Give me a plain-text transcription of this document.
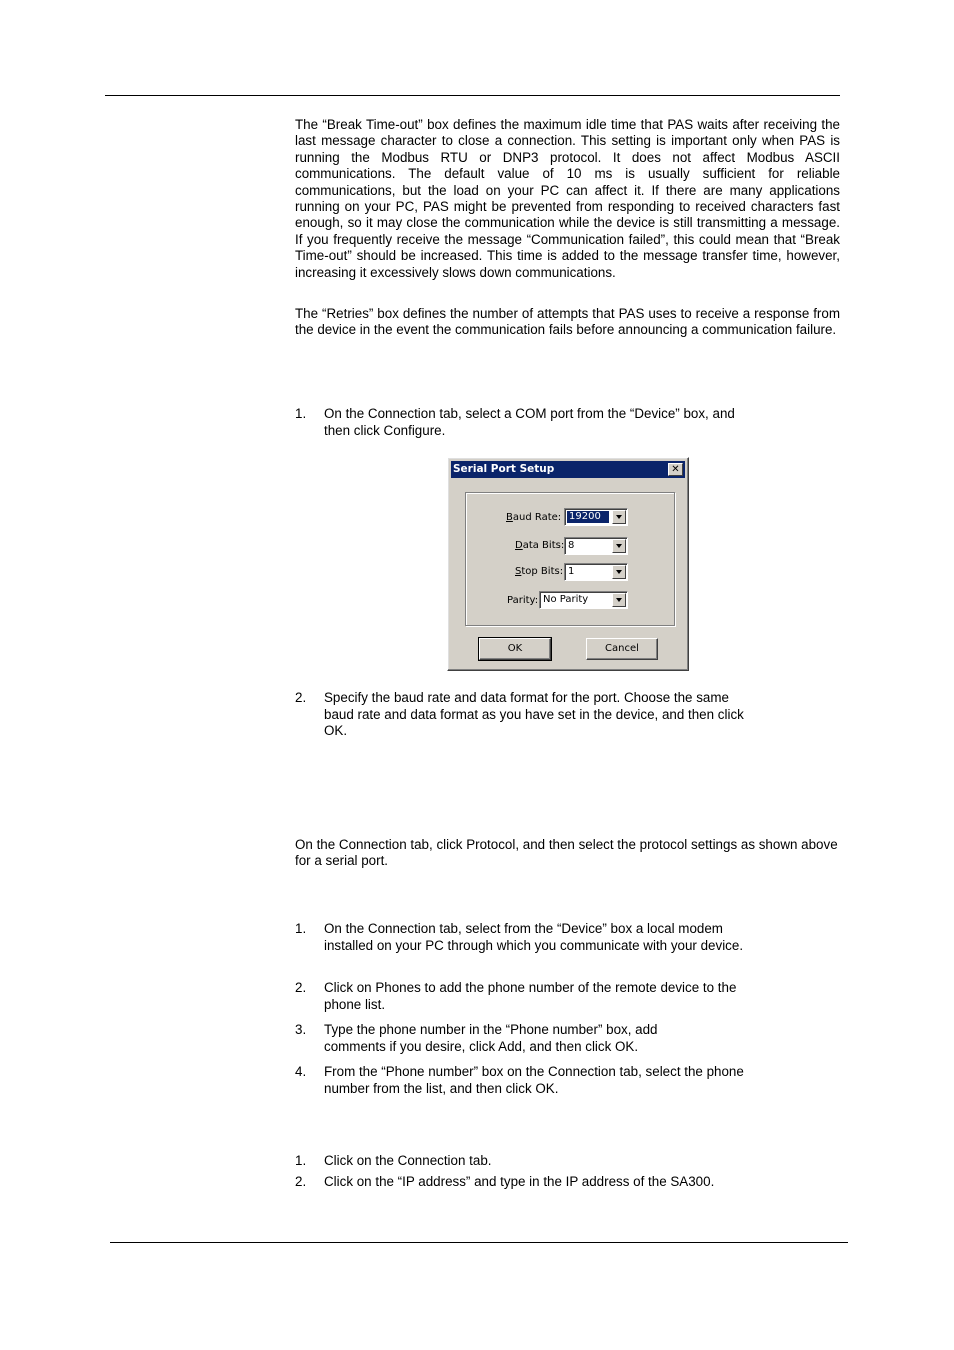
The “Break Time-out” box defines the maximum idle time that PAS waits after receiving the last message character to close a connection. This setting is important only when PAS is running the Modbus RTU or DNP3 protocol. It does not affect Modbus ASCII communications. The default value of 10 ms is usually sufficient for reliable communications, but the load on your PC can affect it. If there are many applications running on your PC, PAS might be prevented from responding to received characters fast enough, so it may close the communication while the device is still transmitting a message. If you frequently receive the message “Communication failed”, this could mean that “Break Time-out” should be increased. This time is added to the message transfer time, however, increasing it excessively slows down communications.

The “Retries” box defines the number of attempts that PAS uses to receive a response from the device in the event the communication fails before announcing a communication failure.

1. On the Connection tab, select a COM port from the “Device” box, and then click Configure.
Serial Port Setup	✕
Baud Rate: 19200
Data Bits: 8
Stop Bits: 1
Parity: No Parity
OK	Cancel
2. Specify the baud rate and data format for the port. Choose the same baud rate and data format as you have set in the device, and then click OK.

On the Connection tab, click Protocol, and then select the protocol settings as shown above for a serial port.

1. On the Connection tab, select from the “Device” box a local modem installed on your PC through which you communicate with your device.
2. Click on Phones to add the phone number of the remote device to the phone list.
3. Type the phone number in the “Phone number” box, add comments if you desire, click Add, and then click OK.
4. From the “Phone number” box on the Connection tab, select the phone number from the list, and then click OK.
1. Click on the Connection tab.
2. Click on the “IP address” and type in the IP address of the SA300.
